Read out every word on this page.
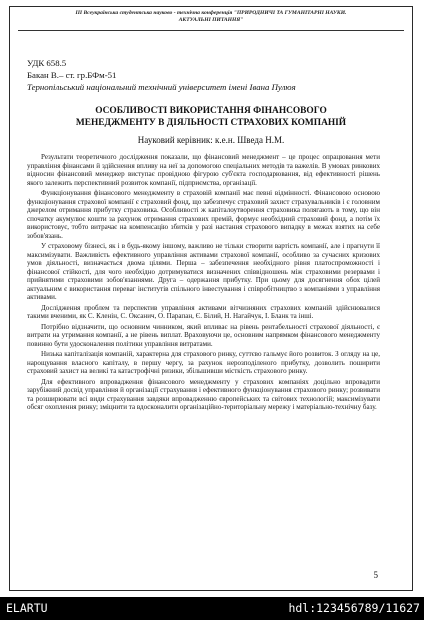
III Всеукраїнська студентська науково - технічна конференція "ПРИРОДНИЧІ ТА ГУМАНІТАРНІ НАУКИ.
АКТУАЛЬНІ ПИТАННЯ"
УДК 658.5
Бакан В.– ст. гр.БФм-51
Тернопільський національний технічний університет імені Івана Пулюя
ОСОБЛИВОСТІ ВИКОРИСТАННЯ ФІНАНСОВОГО
МЕНЕДЖМЕНТУ В ДІЯЛЬНОСТІ СТРАХОВИХ КОМПАНІЙ
Науковий керівник: к.е.н. Шведа Н.М.

Результати теоретичного дослідження показали, що фінансовий менеджмент – це процес опрацювання мети управління фінансами й здійснення впливу на неї за допомогою спеціальних методів та важелів. В умовах ринкових відносин фінансовий менеджер виступає провідною фігурою суб'єкта господарювання, від ефективності рішень якого залежить перспективний розвиток компанії, підприємства, організації.

Функціонування фінансового менеджменту в страховій компанії має певні відмінності. Фінансовою основою функціонування страхової компанії є страховий фонд, що забезпечує страховий захист страхувальників і є головним джерелом отримання прибутку страховика. Особливості ж капіталоутворення страховика полягають в тому, що він спочатку акумулює кошти за рахунок отримання страхових премій, формує необхідний страховий фонд, а потім їх використовує, тобто витрачає на компенсацію збитків у разі настання страхового випадку в межах взятих на себе зобов'язань.

У страховому бізнесі, як і в будь-якому іншому, важливо не тільки створити вартість компанії, але і прагнути її максимізувати. Важливість ефективного управління активами страхової компанії, особливо за сучасних кризових умов діяльності, визначається двома цілями. Перша – забезпечення необхідного рівня платоспроможності і фінансової стійкості, для чого необхідно дотримуватися визначених співвідношень між страховими резервами і прийнятими страховими зобов'язаннями. Друга – одержання прибутку. При цьому для досягнення обох цілей актуальним є використання переваг інститутів спільного інвестування і співробітництво з компаніями з управління активами.

Дослідження проблем та перспектив управління активами вітчизняних страхових компаній здійснювалися такими вченими, як С. Кленін, С. Оксанич, О. Парапан, Є. Білий, Н. Нагайчук, І. Бланк та інші.

Потрібно відзначити, що основним чинником, який впливає на рівень рентабельності страхової діяльності, є витрати на утримання компанії, а не рівень виплат. Враховуючи це, основним напрямком фінансового менеджменту повинно бути удосконалення політики управління витратами.

Низька капіталізація компаній, характерна для страхового ринку, суттєво гальмує його розвиток. З огляду на це, нарощування власного капіталу, в першу чергу, за рахунок нерозподіленого прибутку, дозволить поширити страховий захист на великі та катастрофічні ризики, збільшивши місткість страхового ринку.

Для ефективного впровадження фінансового менеджменту у страхових компаніях доцільно впровадити зарубіжний досвід управління й організації страхування і ефективного функціонування страхового ринку; розвивати та розширювати всі види страхування завдяки впровадженню європейських та світових технологій; максимізувати обсяг охоплення ринку; зміцнити та вдосконалити організаційно-територіальну мережу і матеріально-технічну базу.

5
ELARTU	hdl:123456789/11627
